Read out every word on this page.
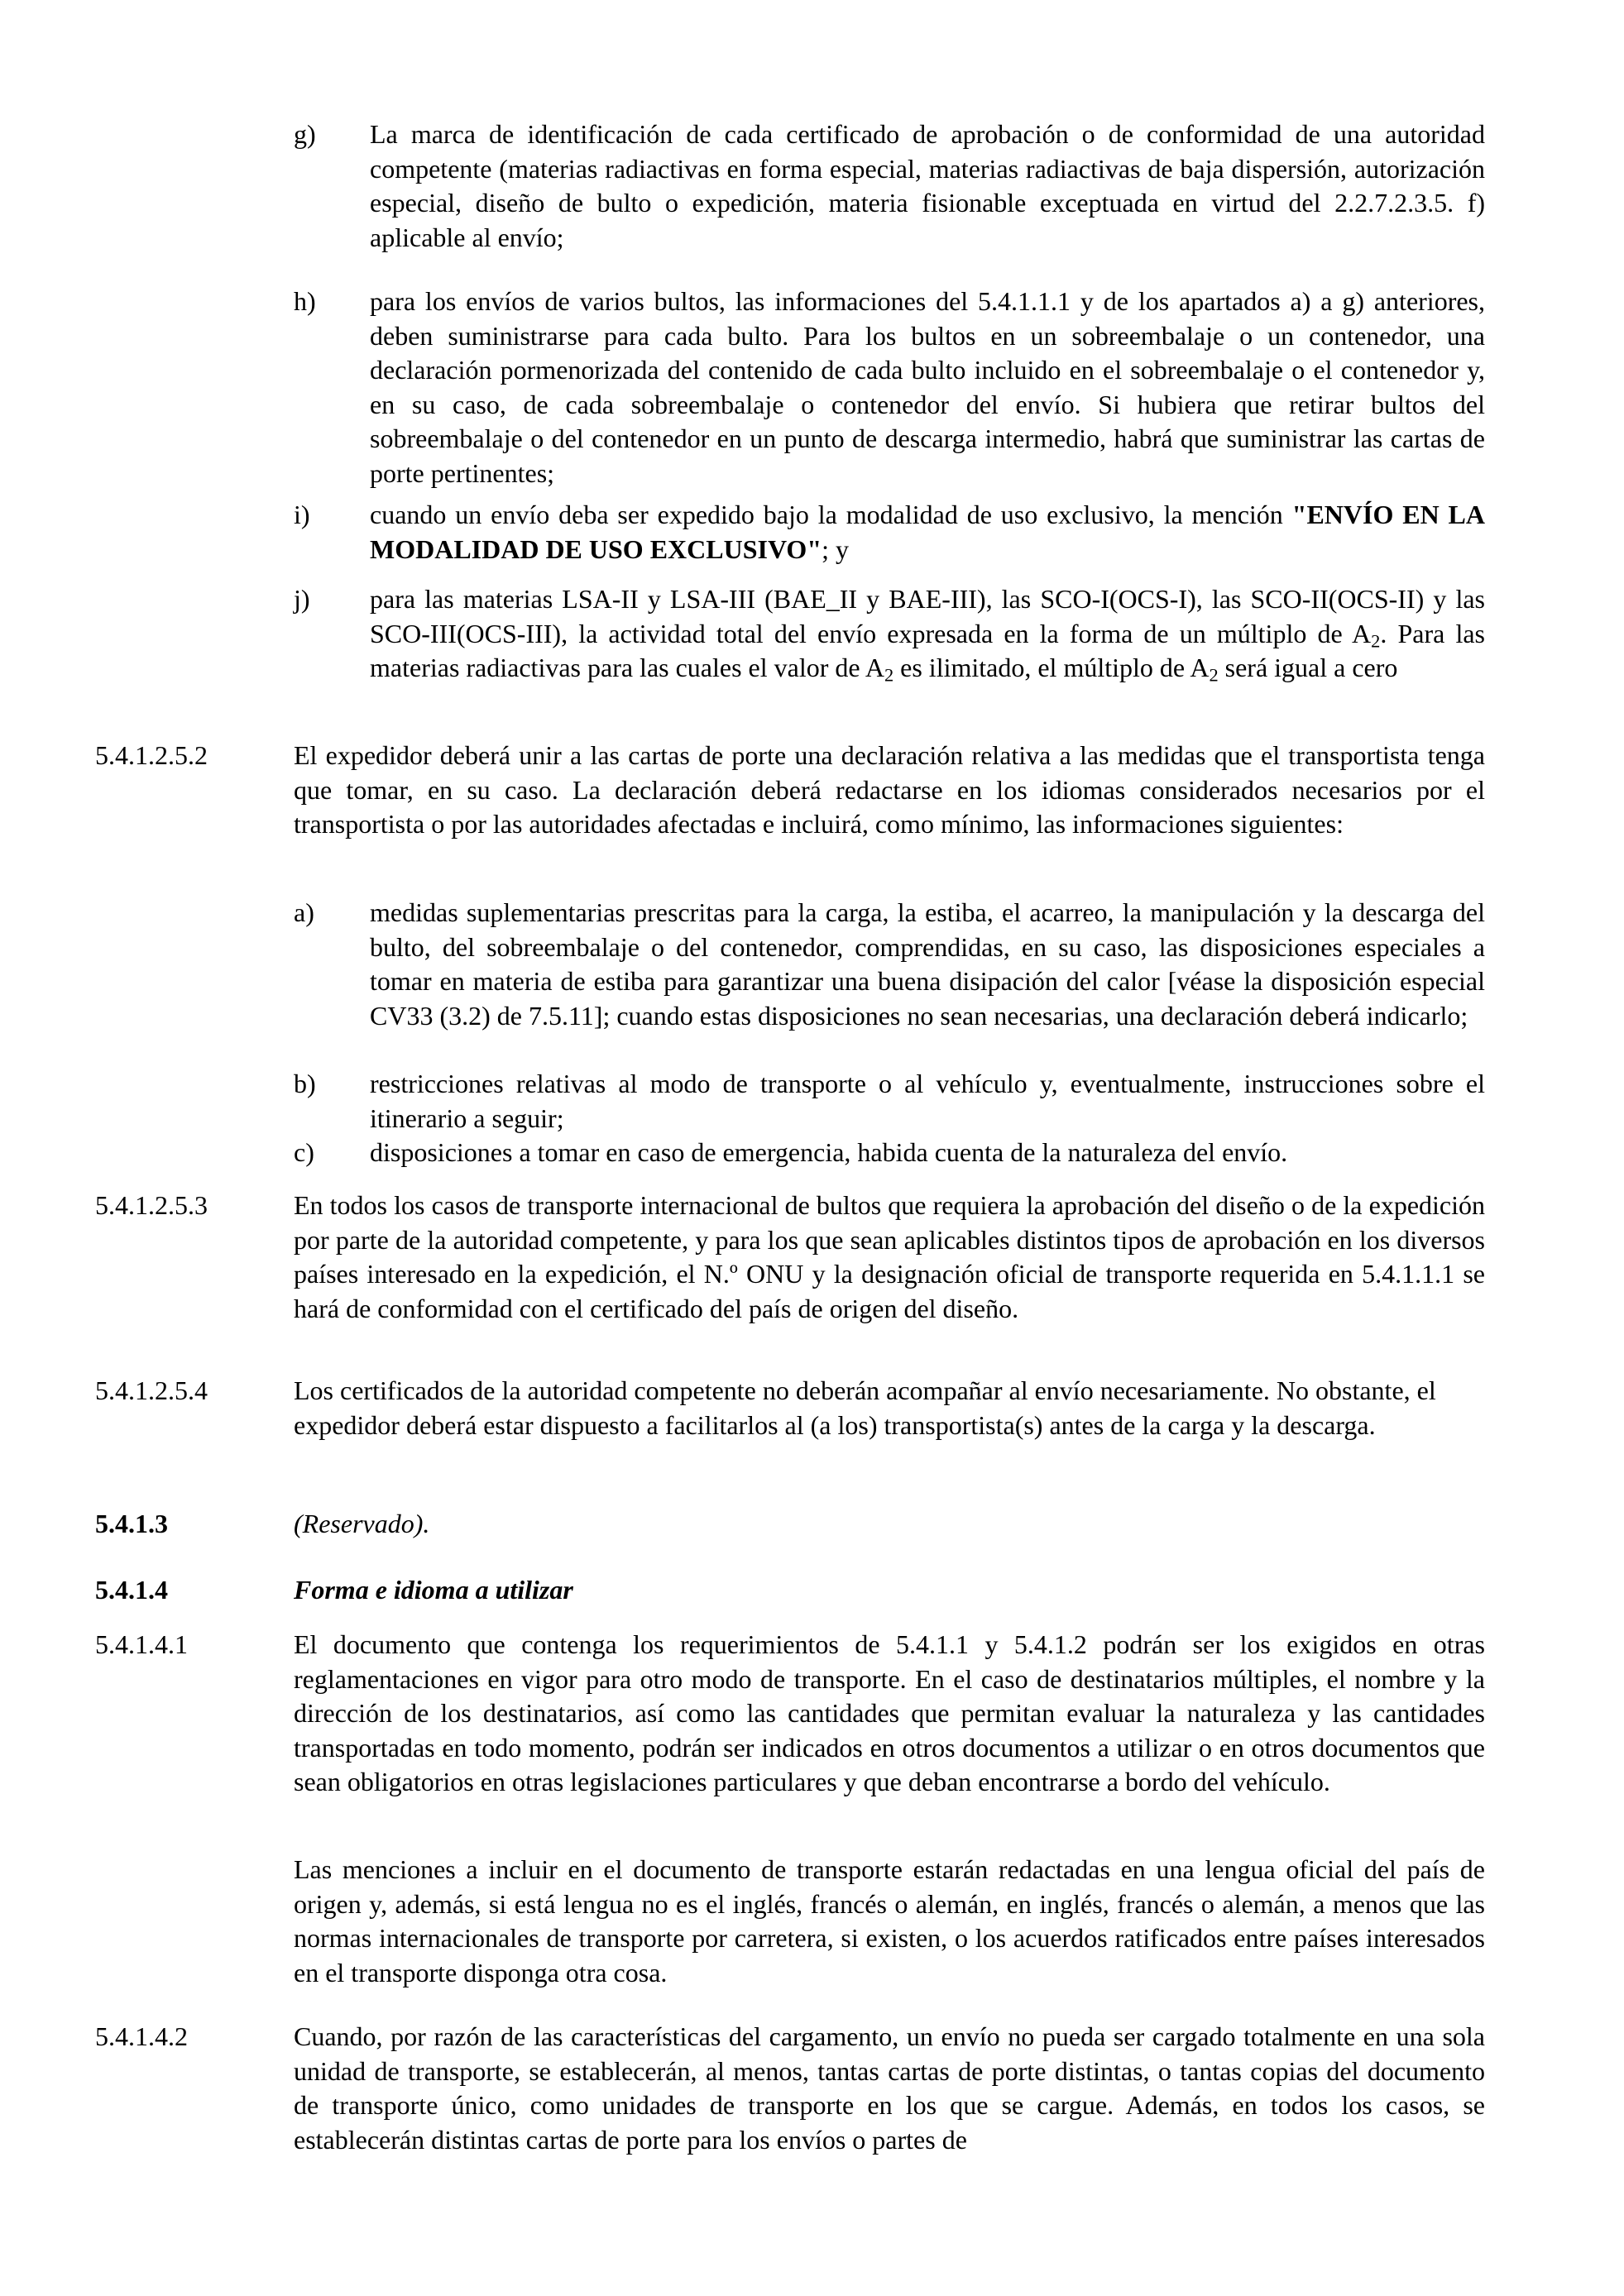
g) La marca de identificación de cada certificado de aprobación o de conformidad de una autoridad competente (materias radiactivas en forma especial, materias radiactivas de baja dispersión, autorización especial, diseño de bulto o expedición, materia fisionable exceptuada en virtud del 2.2.7.2.3.5. f) aplicable al envío;
h) para los envíos de varios bultos, las informaciones del 5.4.1.1.1 y de los apartados a) a g) anteriores, deben suministrarse para cada bulto. Para los bultos en un sobreembalaje o un contenedor, una declaración pormenorizada del contenido de cada bulto incluido en el sobreembalaje o el contenedor y, en su caso, de cada sobreembalaje o contenedor del envío. Si hubiera que retirar bultos del sobreembalaje o del contenedor en un punto de descarga intermedio, habrá que suministrar las cartas de porte pertinentes;
i) cuando un envío deba ser expedido bajo la modalidad de uso exclusivo, la mención "ENVÍO EN LA MODALIDAD DE USO EXCLUSIVO"; y
j) para las materias LSA-II y LSA-III (BAE_II y BAE-III), las SCO-I(OCS-I), las SCO-II(OCS-II) y las SCO-III(OCS-III), la actividad total del envío expresada en la forma de un múltiplo de $A_2$. Para las materias radiactivas para las cuales el valor de $A_2$ es ilimitado, el múltiplo de $A_2$ será igual a cero
5.4.1.2.5.2	El expedidor deberá unir a las cartas de porte una declaración relativa a las medidas que el transportista tenga que tomar, en su caso. La declaración deberá redactarse en los idiomas considerados necesarios por el transportista o por las autoridades afectadas e incluirá, como mínimo, las informaciones siguientes:
a) medidas suplementarias prescritas para la carga, la estiba, el acarreo, la manipulación y la descarga del bulto, del sobreembalaje o del contenedor, comprendidas, en su caso, las disposiciones especiales a tomar en materia de estiba para garantizar una buena disipación del calor [véase la disposición especial CV33 (3.2) de 7.5.11]; cuando estas disposiciones no sean necesarias, una declaración deberá indicarlo;
b) restricciones relativas al modo de transporte o al vehículo y, eventualmente, instrucciones sobre el itinerario a seguir;
c) disposiciones a tomar en caso de emergencia, habida cuenta de la naturaleza del envío.
5.4.1.2.5.3	En todos los casos de transporte internacional de bultos que requiera la aprobación del diseño o de la expedición por parte de la autoridad competente, y para los que sean aplicables distintos tipos de aprobación en los diversos países interesado en la expedición, el N.º ONU y la designación oficial de transporte requerida en 5.4.1.1.1 se hará de conformidad con el certificado del país de origen del diseño.
5.4.1.2.5.4	Los certificados de la autoridad competente no deberán acompañar al envío necesariamente. No obstante, el expedidor deberá estar dispuesto a facilitarlos al (a los) transportista(s) antes de la carga y la descarga.
5.4.1.3	(Reservado).
5.4.1.4	Forma e idioma a utilizar
5.4.1.4.1	El documento que contenga los requerimientos de 5.4.1.1 y 5.4.1.2 podrán ser los exigidos en otras reglamentaciones en vigor para otro modo de transporte. En el caso de destinatarios múltiples, el nombre y la dirección de los destinatarios, así como las cantidades que permitan evaluar la naturaleza y las cantidades transportadas en todo momento, podrán ser indicados en otros documentos a utilizar o en otros documentos que sean obligatorios en otras legislaciones particulares y que deban encontrarse a bordo del vehículo.
Las menciones a incluir en el documento de transporte estarán redactadas en una lengua oficial del país de origen y, además, si está lengua no es el inglés, francés o alemán, en inglés, francés o alemán, a menos que las normas internacionales de transporte por carretera, si existen, o los acuerdos ratificados entre países interesados en el transporte disponga otra cosa.
5.4.1.4.2	Cuando, por razón de las características del cargamento, un envío no pueda ser cargado totalmente en una sola unidad de transporte, se establecerán, al menos, tantas cartas de porte distintas, o tantas copias del documento de transporte único, como unidades de transporte en los que se cargue. Además, en todos los casos, se establecerán distintas cartas de porte para los envíos o partes de
